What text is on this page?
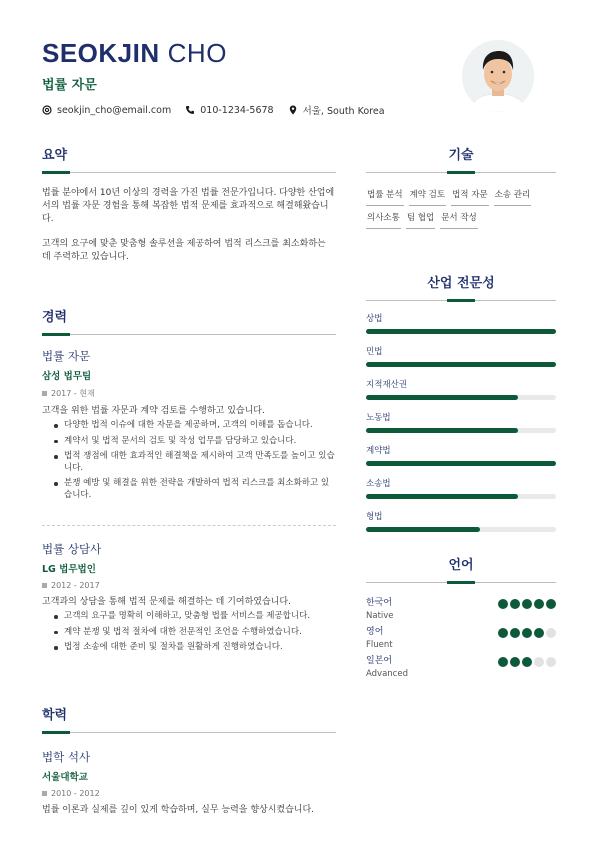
SEOKJIN CHO
법률 자문
seokjin_cho@email.com	010-1234-5678	서울, South Korea
요약

법률 분야에서 10년 이상의 경력을 가진 법률 전문가입니다. 다양한 산업에서의 법률 자문 경험을 통해 복잡한 법적 문제를 효과적으로 해결해왔습니다.

고객의 요구에 맞춘 맞춤형 솔루션을 제공하여 법적 리스크를 최소화하는 데 주력하고 있습니다.

경력
법률 자문
삼성 법무팀
2017 - 현재
고객을 위한 법률 자문과 계약 검토를 수행하고 있습니다.
다양한 법적 이슈에 대한 자문을 제공하며, 고객의 이해를 돕습니다.
계약서 및 법적 문서의 검토 및 작성 업무를 담당하고 있습니다.
법적 쟁점에 대한 효과적인 해결책을 제시하여 고객 만족도를 높이고 있습니다.
분쟁 예방 및 해결을 위한 전략을 개발하여 법적 리스크를 최소화하고 있습니다.
법률 상담사
LG 법무법인
2012 - 2017
고객과의 상담을 통해 법적 문제를 해결하는 데 기여하였습니다.
고객의 요구를 명확히 이해하고, 맞춤형 법률 서비스를 제공합니다.
계약 분쟁 및 법적 절차에 대한 전문적인 조언을 수행하였습니다.
법정 소송에 대한 준비 및 절차를 원활하게 진행하였습니다.
학력
법학 석사
서울대학교
2010 - 2012
법률 이론과 실제를 깊이 있게 학습하며, 실무 능력을 향상시켰습니다.
기술
법률 분석 계약 검토 법적 자문 소송 관리
의사소통 팀 협업 문서 작성
산업 전문성
상법
민법
지적재산권
노동법
계약법
소송법
형법
언어
한국어
Native
영어
Fluent
일본어
Advanced
